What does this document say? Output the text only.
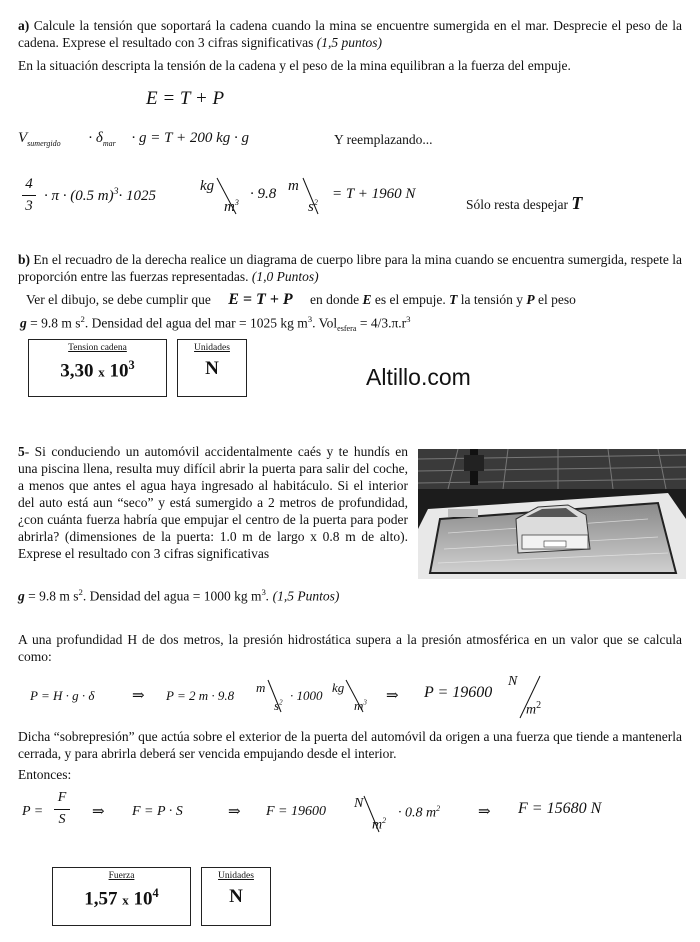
a) Calcule la tensión que soportará la cadena cuando la mina se encuentre sumergida en el mar. Desprecie el peso de la cadena. Exprese el resultado con 3 cifras significativas (1,5 puntos)
En la situación descripta la tensión de la cadena y el peso de la mina equilibran a la fuerza del empuje.
E = T + P
$V_{sumergido} \cdot \delta_{mar} \cdot g = T + 200$ kg · g	Y reemplazando...
$\frac{4}{3} \cdot \pi \cdot (0.5$ m)$^3$· 1025
kg
$m^3$
· 9.8 m
$s^2$
= T + 1960 N
Sólo resta despejar T
b) En el recuadro de la derecha realice un diagrama de cuerpo libre para la mina cuando se encuentra sumergida, respete la proporción entre las fuerzas representadas. (1,0 Puntos)
Ver el dibujo, se debe cumplir que E = T + P en donde E es el empuje. T la tensión y P el peso
g = 9.8 m $s^2$. Densidad del agua del mar = 1025 kg $m^3$. $Vol_{esfera} = 4/3.\pi.r^3$
Tension cadena
3,30 x $10^3$
Unidades
N	Altillo.com
5- Si conduciendo un automóvil accidentalmente caés y te hundís en una piscina llena, resulta muy difícil abrir la puerta para salir del coche, a menos que antes el agua haya ingresado al habitáculo. Si el interior del auto está aun “seco” y está sumergido a 2 metros de profundidad, ¿con cuánta fuerza habría que empujar el centro de la puerta para poder abrirla? (dimensiones de la puerta: 1.0 m de largo x 0.8 m de alto). Exprese el resultado con 3 cifras significativas
g = 9.8 m $s^2$. Densidad del agua = 1000 kg $m^3$. (1,5 Puntos)
A una profundidad H de dos metros, la presión hidrostática supera a la presión atmosférica en un valor que se calcula como:
P = H · g · δ	⇒ P = 2 m · 9.8
m
$s^2 \cdot 1000$
kg
$m^3$ ⇒ P = 19600
N
$m^2$
Dicha “sobrepresión” que actúa sobre el exterior de la puerta del automóvil da origen a una fuerza que tiende a mantenerla cerrada, y para abrirla deberá ser vencida empujando desde el interior.
Entonces:
P =
F
S	⇒ F = P · S	⇒ F = 19600
N
$m^2 \cdot 0.8$ $m^2$	⇒ F = 15680 N
Fuerza
1,57 x $10^4$
Unidades
N
